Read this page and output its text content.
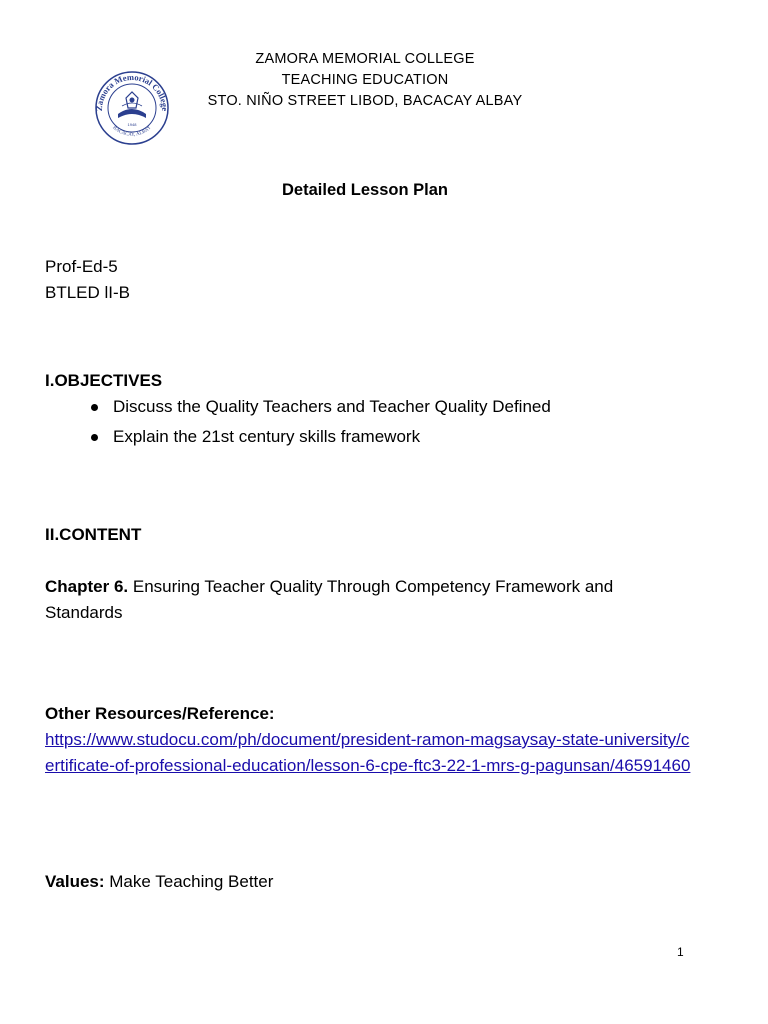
ZAMORA MEMORIAL COLLEGE
TEACHING EDUCATION
STO. NIÑO STREET LIBOD, BACACAY ALBAY
Zamora Memorial College
BACACAY, ALBAY
1948
Detailed Lesson Plan
Prof-Ed-5
BTLED lI-B
I.OBJECTIVES
Discuss the Quality Teachers and Teacher Quality Defined
Explain the 21st century skills framework
II.CONTENT
Chapter 6. Ensuring Teacher Quality Through Competency Framework and Standards
Other Resources/Reference:
https://www.studocu.com/ph/document/president-ramon-magsaysay-state-university/certificate-of-professional-education/lesson-6-cpe-ftc3-22-1-mrs-g-pagunsan/46591460
Values: Make Teaching Better
1
